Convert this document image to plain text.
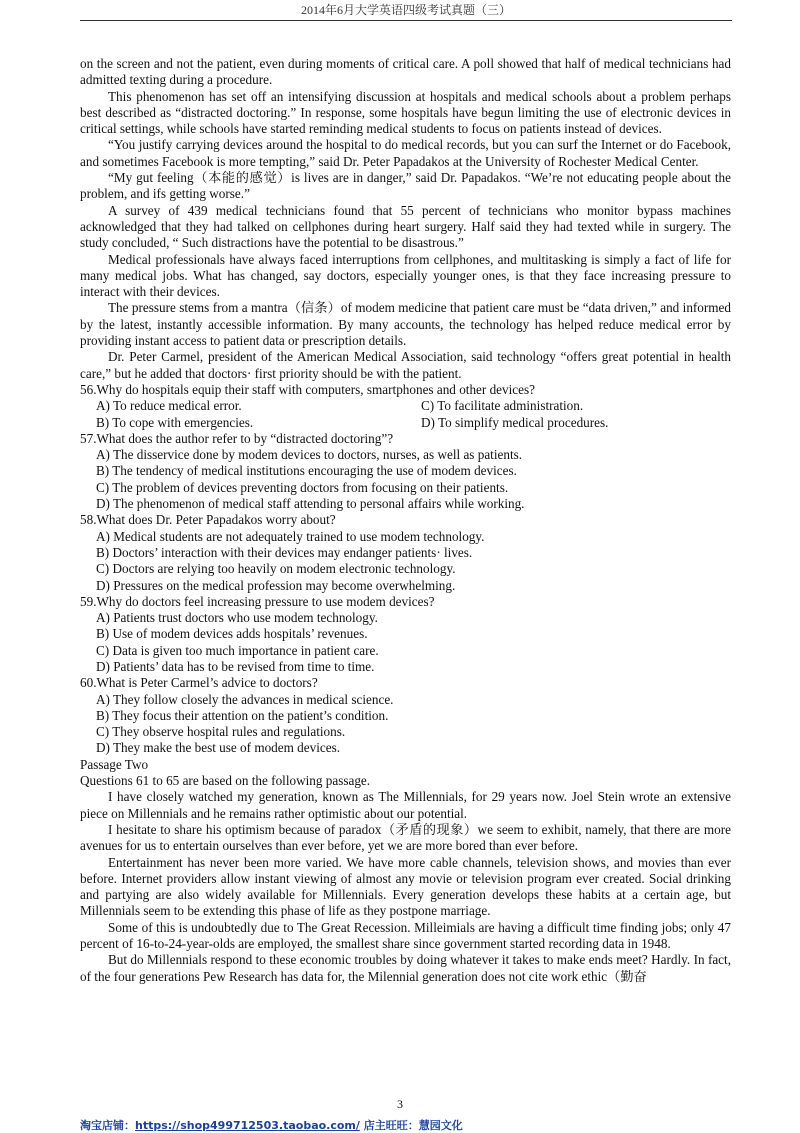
2014年6月大学英语四级考试真题（三）

on the screen and not the patient, even during moments of critical care. A poll showed that half of medical technicians had admitted texting during a procedure.

This phenomenon has set off an intensifying discussion at hospitals and medical schools about a problem perhaps best described as “distracted doctoring.” In response, some hospitals have begun limiting the use of electronic devices in critical settings, while schools have started reminding medical students to focus on patients instead of devices.

“You justify carrying devices around the hospital to do medical records, but you can surf the Internet or do Facebook, and sometimes Facebook is more tempting,” said Dr. Peter Papadakos at the University of Rochester Medical Center.

“My gut feeling（本能的感觉）is lives are in danger,” said Dr. Papadakos. “We’re not educating people about the problem, and ifs getting worse.”

A survey of 439 medical technicians found that 55 percent of technicians who monitor bypass machines acknowledged that they had talked on cellphones during heart surgery. Half said they had texted while in surgery. The study concluded, “ Such distractions have the potential to be disastrous.”

Medical professionals have always faced interruptions from cellphones, and multitasking is simply a fact of life for many medical jobs. What has changed, say doctors, especially younger ones, is that they face increasing pressure to interact with their devices.

The pressure stems from a mantra（信条）of modem medicine that patient care must be “data driven,” and informed by the latest, instantly accessible information. By many accounts, the technology has helped reduce medical error by providing instant access to patient data or prescription details.

Dr. Peter Carmel, president of the American Medical Association, said technology “offers great potential in health care,” but he added that doctors· first priority should be with the patient.

56.Why do hospitals equip their staff with computers, smartphones and other devices?

A) To reduce medical error.	C) To facilitate administration.
B) To cope with emergencies.	D) To simplify medical procedures.

57.What does the author refer to by “distracted doctoring”?

A) The disservice done by modem devices to doctors, nurses, as well as patients.

B) The tendency of medical institutions encouraging the use of modem devices.

C) The problem of devices preventing doctors from focusing on their patients.

D) The phenomenon of medical staff attending to personal affairs while working.

58.What does Dr. Peter Papadakos worry about?

A) Medical students are not adequately trained to use modem technology.

B) Doctors’ interaction with their devices may endanger patients· lives.

C) Doctors are relying too heavily on modem electronic technology.

D) Pressures on the medical profession may become overwhelming.

59.Why do doctors feel increasing pressure to use modem devices?

A) Patients trust doctors who use modem technology.

B) Use of modem devices adds hospitals’ revenues.

C) Data is given too much importance in patient care.

D) Patients’ data has to be revised from time to time.

60.What is Peter Carmel’s advice to doctors?

A) They follow closely the advances in medical science.

B) They focus their attention on the patient’s condition.

C) They observe hospital rules and regulations.

D) They make the best use of modem devices.

Passage Two

Questions 61 to 65 are based on the following passage.

I have closely watched my generation, known as The Millennials, for 29 years now. Joel Stein wrote an extensive piece on Millennials and he remains rather optimistic about our potential.

I hesitate to share his optimism because of paradox（矛盾的现象）we seem to exhibit, namely, that there are more avenues for us to entertain ourselves than ever before, yet we are more bored than ever before.

Entertainment has never been more varied. We have more cable channels, television shows, and movies than ever before. Internet providers allow instant viewing of almost any movie or television program ever created. Social drinking and partying are also widely available for Millennials. Every generation develops these habits at a certain age, but Millennials seem to be extending this phase of life as they postpone marriage.

Some of this is undoubtedly due to The Great Recession. Milleimials are having a difficult time finding jobs; only 47 percent of 16-to-24-year-olds are employed, the smallest share since government started recording data in 1948.

But do Millennials respond to these economic troubles by doing whatever it takes to make ends meet? Hardly. In fact, of the four generations Pew Research has data for, the Milennial generation does not cite work ethic（勤奋

3
淘宝店铺：https://shop499712503.taobao.com/ 店主旺旺：慧园文化
